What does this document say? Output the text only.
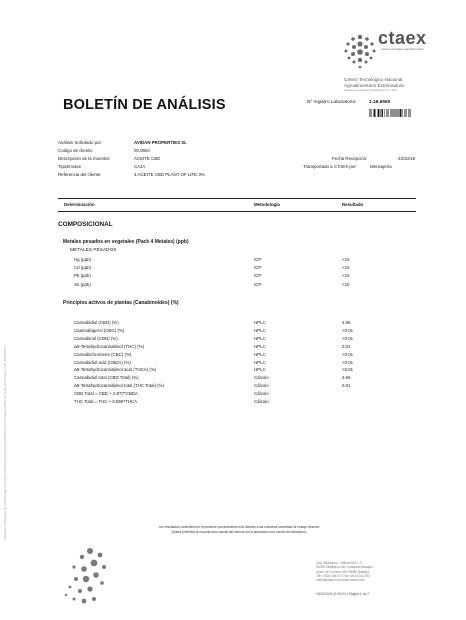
ctaex
centro tecnológico agroalimentario
Centro Tecnológico Nacional
Agroalimentario Extremadura
Inscrito en el Registro de ENAC por el nº 4/16
BOLETÍN DE ANÁLISIS	Nº registro Laboratorio:	2.18.6550
Análisis Solicitado por:	AVIDAN PROPERTIES SL
Codigo de cliente:	00.0954
Descripción de la muestra:	ACEITE CBD	Fecha Recepción:	23/10/18
TipoEnvase	CAJA	Transportado a CTAEX por:	Mensajería
Referencia del cliente:	4.ACEITE CBD PLANT OF LIFE 3%
Determinación	Metodología	Resultado
COMPOSICIONAL
Metales pesados en vegetales (Pack 4 Metales) (ppb)
METALES PESADOS
Hg (ppb)	ICP	<10
Cd (ppb)	ICP	<10
Pb (ppb)	ICP	<10
Sn (ppb)	ICP	<10
Principios activos de plantas (Canabinoides) (%)
Cannabidiol (CBD) (%)	HPLC	3.56
Caannabigerol (CBG) (%)	HPLC	<0.01
Cannabinol (CBN) (%)	HPLC	<0.01
Δ9-Tetrahydrocannabinol (THC) (%)	HPLC	0.01
Cannabichromene (CBC) (%)	HPLC	<0.01
Cannabidiol acid (CBDA) (%)	HPLC	<0.01
Δ9-Tetrahydrocannabinol acid (THCA) (%)	HPLC	<0.01
Cannabidiol total (CBD Total) (%)	Cálculo	3.56
Δ9-Tetrahydrocannabinol total (THC Total) (%)	Cálculo	0.01
CBD Total = CBD + 0.877*CBDA	Cálculo
THC Total = THC + 0.850*THCA	Cálculo
Inscrita en el Registro de Asociaciones de la Comunidad Autónoma de Extremadura con el número 4.827, de la Sección Primera. CIF: G06552474	Los resultados contenidos en el presente procedimiento sólo afectan a las muestras sometidas al ensayo descrito
Queda prohibida la reproducción parcial del informe sin la aprobación por escrito del laboratorio
Ctra.Villafranco - Balboa Km 1,2
06195 Villafranco del Guadiana Badajoz
Apdo. de Correos 434 06080 Badajoz
Tlfn: 0924 448 077 Fax: 0924 241 002
ctaex@ctaex.com www.ctaex.com
29/10/2018 11:09:24 | Página 1 de 2
